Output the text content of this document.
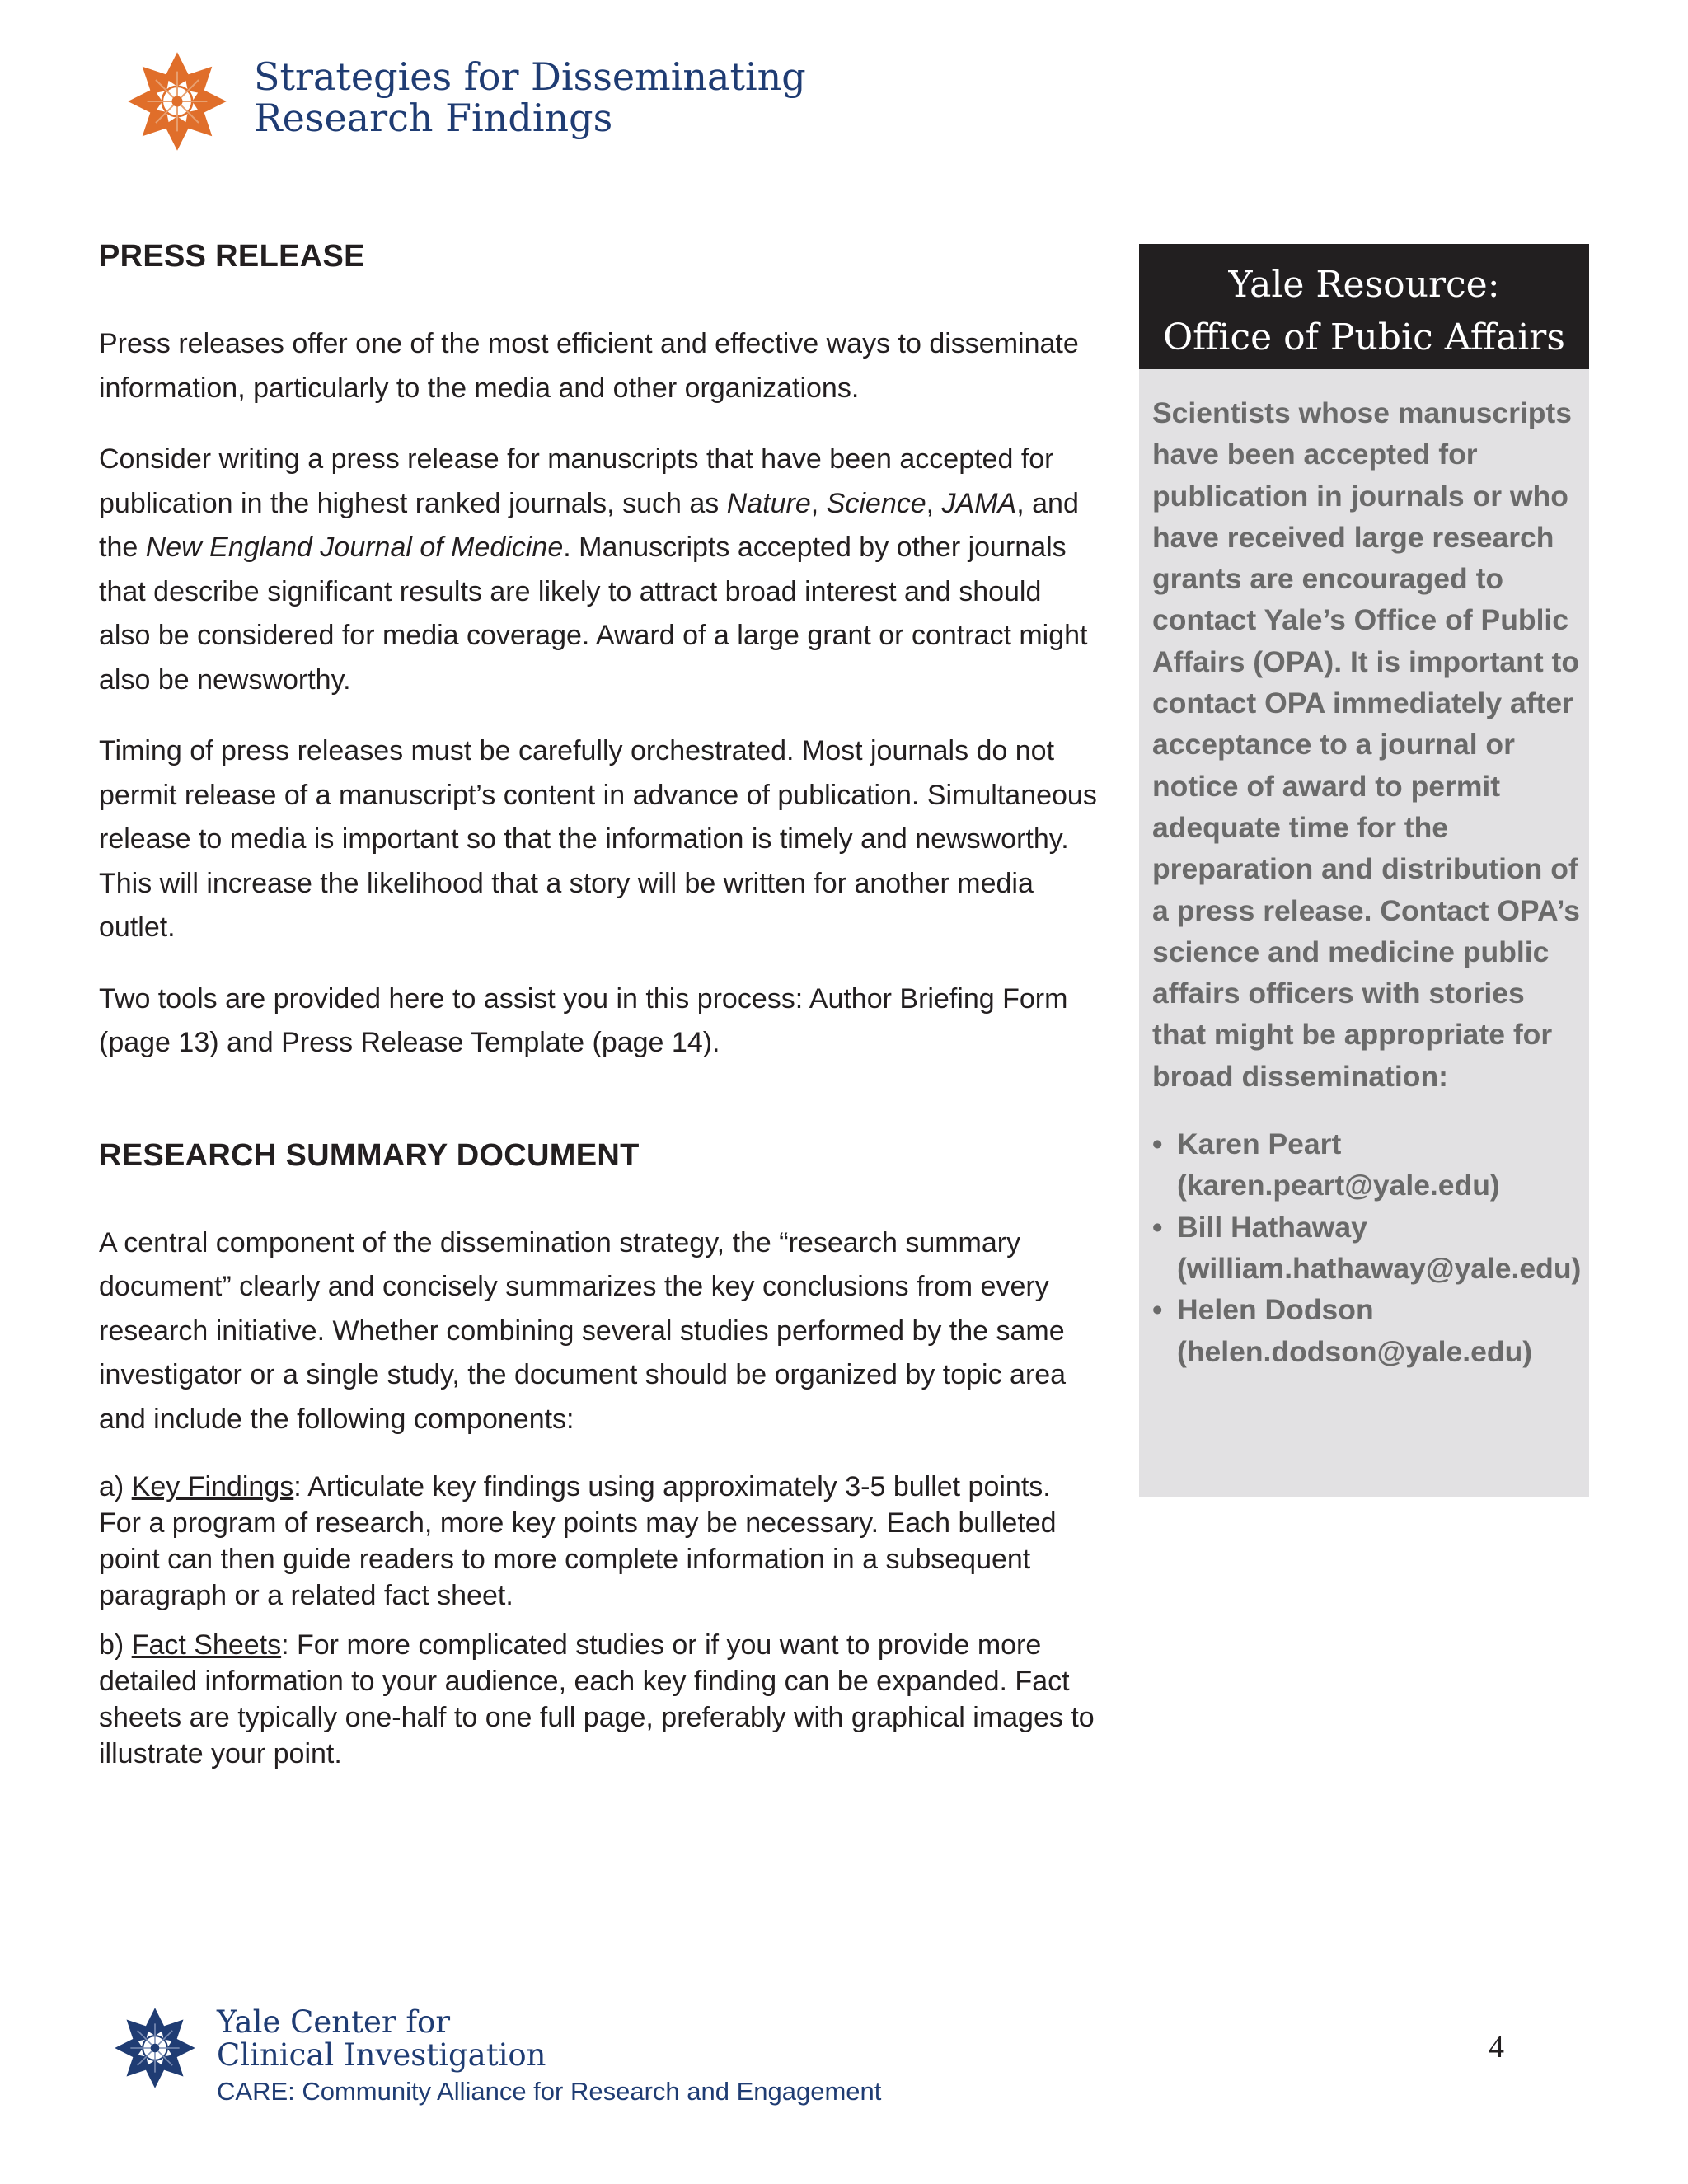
Strategies for Disseminating
Research Findings
PRESS RELEASE

Press releases offer one of the most efficient and effective ways to disseminate information, particularly to the media and other organizations.

Consider writing a press release for manuscripts that have been accepted for publication in the highest ranked journals, such as Nature, Science, JAMA, and the New England Journal of Medicine. Manuscripts accepted by other journals that describe significant results are likely to attract broad interest and should also be considered for media coverage. Award of a large grant or contract might also be newsworthy.

Timing of press releases must be carefully orchestrated. Most journals do not permit release of a manuscript’s content in advance of publication. Simultaneous release to media is important so that the information is timely and newsworthy. This will increase the likelihood that a story will be written for another media outlet.

Two tools are provided here to assist you in this process: Author Briefing Form (page 13) and Press Release Template (page 14).

RESEARCH SUMMARY DOCUMENT

A central component of the dissemination strategy, the “research summary document” clearly and concisely summarizes the key conclusions from every research initiative. Whether combining several studies performed by the same investigator or a single study, the document should be organized by topic area and include the following components:

a) Key Findings: Articulate key findings using approximately 3-5 bullet points. For a program of research, more key points may be necessary. Each bulleted point can then guide readers to more complete information in a subsequent paragraph or a related fact sheet.

b) Fact Sheets: For more complicated studies or if you want to provide more detailed information to your audience, each key finding can be expanded. Fact sheets are typically one-half to one full page, preferably with graphical images to illustrate your point.

Yale Resource:
Office of Pubic Affairs

Scientists whose manuscripts have been accepted for publication in journals or who have received large research grants are encouraged to contact Yale’s Office of Public Affairs (OPA). It is important to contact OPA immediately after acceptance to a journal or notice of award to permit adequate time for the preparation and distribution of a press release. Contact OPA’s science and medicine public affairs officers with stories that might be appropriate for broad dissemination:

• Karen Peart
(karen.peart@yale.edu)
• Bill Hathaway
(william.hathaway@yale.edu)
• Helen Dodson
(helen.dodson@yale.edu)
Yale Center for
Clinical Investigation
CARE: Community Alliance for Research and Engagement
4
